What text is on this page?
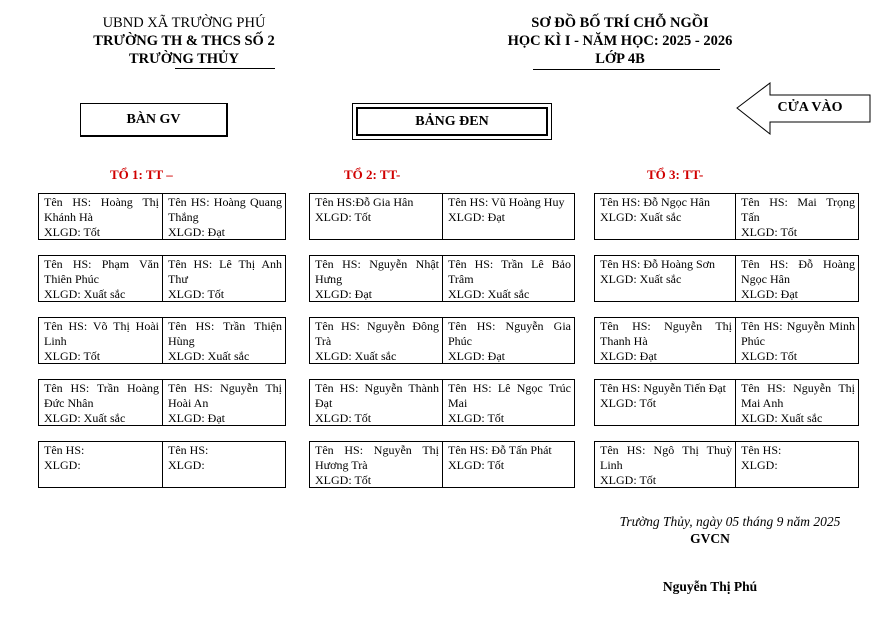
UBND XÃ TRƯỜNG PHÚ
TRƯỜNG TH & THCS SỐ 2
TRƯỜNG THỦY
SƠ ĐỒ BỐ TRÍ CHỖ NGỒI
HỌC KÌ I - NĂM HỌC: 2025 - 2026
LỚP 4B
BÀN GV	BẢNG ĐEN
CỬA VÀO
TỔ 1: TT –	TỔ 2: TT-	TỔ 3: TT-
Tên HS: Hoàng Thị Khánh Hà
XLGD: Tốt
Tên HS: Hoàng Quang Thắng
XLGD: Đạt
Tên HS: Phạm Văn Thiên Phúc
XLGD: Xuất sắc
Tên HS: Lê Thị Anh Thư
XLGD: Tốt
Tên HS: Võ Thị Hoài Linh
XLGD: Tốt
Tên HS: Trần Thiện Hùng
XLGD: Xuất sắc
Tên HS: Trần Hoàng Đức Nhân
XLGD: Xuất sắc
Tên HS: Nguyễn Thị Hoài An
XLGD: Đạt
Tên HS:
XLGD:
Tên HS:
XLGD:
Tên HS:Đỗ Gia Hân
XLGD: Tốt
Tên HS: Vũ Hoàng Huy
XLGD: Đạt
Tên HS: Nguyễn Nhật Hưng
XLGD: Đạt
Tên HS: Trần Lê Bảo Trâm
XLGD: Xuất sắc
Tên HS: Nguyễn Đông Trà
XLGD: Xuất sắc
Tên HS: Nguyễn Gia Phúc
XLGD: Đạt
Tên HS: Nguyễn Thành Đạt
XLGD: Tốt
Tên HS: Lê Ngọc Trúc Mai
XLGD: Tốt
Tên HS: Nguyễn Thị Hương Trà
XLGD: Tốt
Tên HS: Đỗ Tấn Phát
XLGD: Tốt
Tên HS: Đỗ Ngọc Hân
XLGD: Xuất sắc
Tên HS: Mai Trọng Tấn
XLGD: Tốt
Tên HS: Đỗ Hoàng Sơn
XLGD: Xuất sắc
Tên HS: Đỗ Hoàng Ngọc Hân
XLGD: Đạt
Tên HS: Nguyễn Thị Thanh Hà
XLGD: Đạt
Tên HS: Nguyễn Minh Phúc
XLGD: Tốt
Tên HS: Nguyễn Tiến Đạt
XLGD: Tốt
Tên HS: Nguyễn Thị Mai Anh
XLGD: Xuất sắc
Tên HS: Ngô Thị Thuỳ Linh
XLGD: Tốt
Tên HS:
XLGD:
Trường Thủy, ngày 05 tháng 9 năm 2025
GVCN
Nguyễn Thị Phú
